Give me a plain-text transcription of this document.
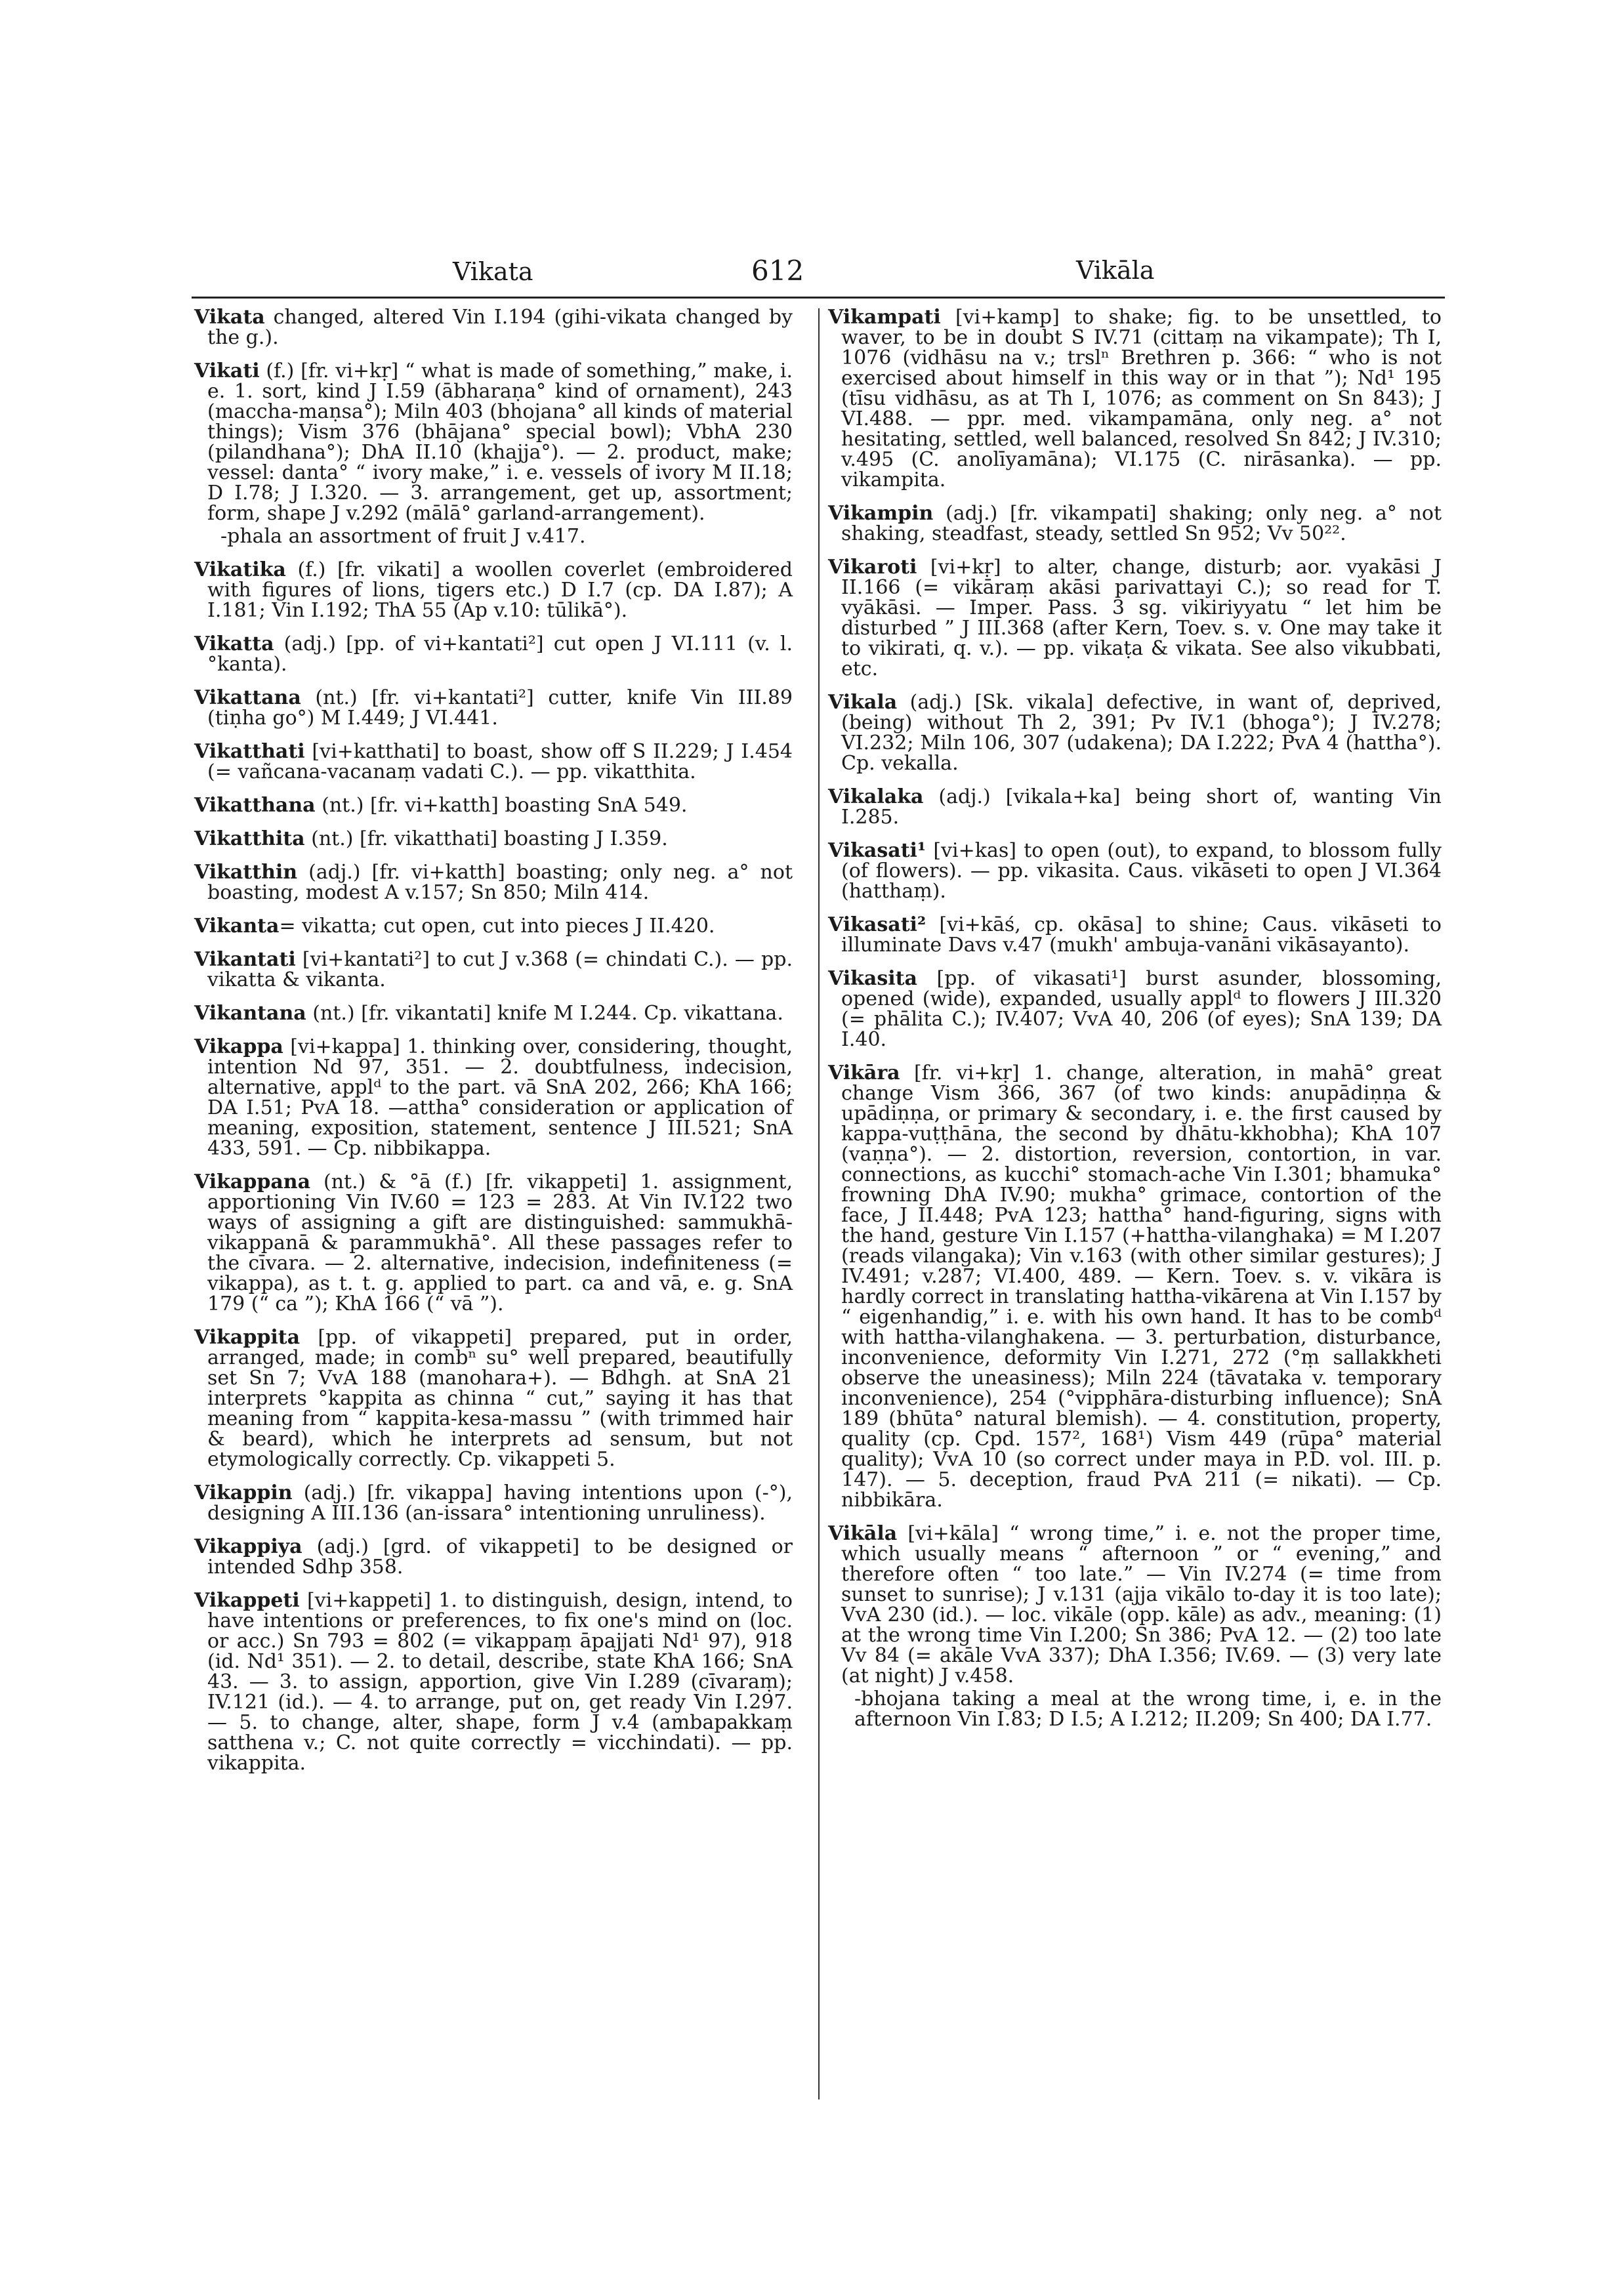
Vikata	612	Vikāla

Vikata changed, altered Vin I.194 (gihi-vikata changed by the g.).

Vikati (f.) [fr. vi+kṛ] “ what is made of something,” make, i. e. 1. sort, kind J I.59 (ābharaṇa° kind of ornament), 243 (maccha-maṇsa°); Miln 403 (bhojana° all kinds of material things); Vism 376 (bhājana° special bowl); VbhA 230 (pilandhana°); DhA II.10 (khajja°). — 2. product, make; vessel: danta° “ ivory make,” i. e. vessels of ivory M II.18; D I.78; J I.320. — 3. arrangement, get up, assortment; form, shape J v.292 (mālā° garland-arrangement).
-phala an assortment of fruit J v.417.

Vikatika (f.) [fr. vikati] a woollen coverlet (embroidered with figures of lions, tigers etc.) D I.7 (cp. DA I.87); A I.181; Vin I.192; ThA 55 (Ap v.10: tūlikā°).

Vikatta (adj.) [pp. of vi+kantati²] cut open J VI.111 (v. l. °kanta).

Vikattana (nt.) [fr. vi+kantati²] cutter, knife Vin III.89 (tiṇha go°) M I.449; J VI.441.

Vikatthati [vi+katthati] to boast, show off S II.229; J I.454 (= vañcana-vacanaṃ vadati C.). — pp. vikatthita.

Vikatthana (nt.) [fr. vi+katth] boasting SnA 549.

Vikatthita (nt.) [fr. vikatthati] boasting J I.359.

Vikatthin (adj.) [fr. vi+katth] boasting; only neg. a° not boasting, modest A v.157; Sn 850; Miln 414.

Vikanta= vikatta; cut open, cut into pieces J II.420.

Vikantati [vi+kantati²] to cut J v.368 (= chindati C.). — pp. vikatta & vikanta.

Vikantana (nt.) [fr. vikantati] knife M I.244. Cp. vikattana.

Vikappa [vi+kappa] 1. thinking over, considering, thought, intention Nd 97, 351. — 2. doubtfulness, indecision, alternative, applᵈ to the part. vā SnA 202, 266; KhA 166; DA I.51; PvA 18. —attha° consideration or application of meaning, exposition, statement, sentence J III.521; SnA 433, 591. — Cp. nibbikappa.

Vikappana (nt.) & °ā (f.) [fr. vikappeti] 1. assignment, apportioning Vin IV.60 = 123 = 283. At Vin IV.122 two ways of assigning a gift are distinguished: sammukhā-vikappanā & parammukhā°. All these passages refer to the cīvara. — 2. alternative, indecision, indefiniteness (= vikappa), as t. t. g. applied to part. ca and vā, e. g. SnA 179 (“ ca ”); KhA 166 (“ vā ”).

Vikappita [pp. of vikappeti] prepared, put in order, arranged, made; in combⁿ su° well prepared, beautifully set Sn 7; VvA 188 (manohara+). — Bdhgh. at SnA 21 interprets °kappita as chinna “ cut,” saying it has that meaning from “ kappita-kesa-massu ” (with trimmed hair & beard), which he interprets ad sensum, but not etymologically correctly. Cp. vikappeti 5.

Vikappin (adj.) [fr. vikappa] having intentions upon (-°), designing A III.136 (an-issara° intentioning unruliness).

Vikappiya (adj.) [grd. of vikappeti] to be designed or intended Sdhp 358.

Vikappeti [vi+kappeti] 1. to distinguish, design, intend, to have intentions or preferences, to fix one's mind on (loc. or acc.) Sn 793 = 802 (= vikappaṃ āpajjati Nd¹ 97), 918 (id. Nd¹ 351). — 2. to detail, describe, state KhA 166; SnA 43. — 3. to assign, apportion, give Vin I.289 (cīvaraṃ); IV.121 (id.). — 4. to arrange, put on, get ready Vin I.297. — 5. to change, alter, shape, form J v.4 (ambapakkaṃ satthena v.; C. not quite correctly = vicchindati). — pp. vikappita.

Vikampati [vi+kamp] to shake; fig. to be unsettled, to waver, to be in doubt S IV.71 (cittaṃ na vikampate); Th I, 1076 (vidhāsu na v.; trslⁿ Brethren p. 366: “ who is not exercised about himself in this way or in that ”); Nd¹ 195 (tīsu vidhāsu, as at Th I, 1076; as comment on Sn 843); J VI.488. — ppr. med. vikampamāna, only neg. a° not hesitating, settled, well balanced, resolved Sn 842; J IV.310; v.495 (C. anolīyamāna); VI.175 (C. nirāsanka). — pp. vikampita.

Vikampin (adj.) [fr. vikampati] shaking; only neg. a° not shaking, steadfast, steady, settled Sn 952; Vv 50²².

Vikaroti [vi+kṛ] to alter, change, disturb; aor. vyakāsi J II.166 (= vikāraṃ akāsi parivattayi C.); so read for T. vyākāsi. — Imper. Pass. 3 sg. vikiriyyatu “ let him be disturbed ” J III.368 (after Kern, Toev. s. v. One may take it to vikirati, q. v.). — pp. vikaṭa & vikata. See also vikubbati, etc.

Vikala (adj.) [Sk. vikala] defective, in want of, deprived, (being) without Th 2, 391; Pv IV.1 (bhoga°); J IV.278; VI.232; Miln 106, 307 (udakena); DA I.222; PvA 4 (hattha°). Cp. vekalla.

Vikalaka (adj.) [vikala+ka] being short of, wanting Vin I.285.

Vikasati¹ [vi+kas] to open (out), to expand, to blossom fully (of flowers). — pp. vikasita. Caus. vikāseti to open J VI.364 (hatthaṃ).

Vikasati² [vi+kāś, cp. okāsa] to shine; Caus. vikāseti to illuminate Davs v.47 (mukh' ambuja-vanāni vikāsayanto).

Vikasita [pp. of vikasati¹] burst asunder, blossoming, opened (wide), expanded, usually applᵈ to flowers J III.320 (= phālita C.); IV.407; VvA 40, 206 (of eyes); SnA 139; DA I.40.

Vikāra [fr. vi+kṛ] 1. change, alteration, in mahā° great change Vism 366, 367 (of two kinds: anupādiṇṇa & upādiṇṇa, or primary & secondary, i. e. the first caused by kappa-vuṭṭhāna, the second by dhātu-kkhobha); KhA 107 (vaṇṇa°). — 2. distortion, reversion, contortion, in var. connections, as kucchi° stomach-ache Vin I.301; bhamuka° frowning DhA IV.90; mukha° grimace, contortion of the face, J II.448; PvA 123; hattha° hand-figuring, signs with the hand, gesture Vin I.157 (+hattha-vilanghaka) = M I.207 (reads vilangaka); Vin v.163 (with other similar gestures); J IV.491; v.287; VI.400, 489. — Kern. Toev. s. v. vikāra is hardly correct in translating hattha-vikārena at Vin I.157 by “ eigenhandig,” i. e. with his own hand. It has to be combᵈ with hattha-vilanghakena. — 3. perturbation, disturbance, inconvenience, deformity Vin I.271, 272 (°ṃ sallakkheti observe the uneasiness); Miln 224 (tāvataka v. temporary inconvenience), 254 (°vipphāra-disturbing influence); SnA 189 (bhūta° natural blemish). — 4. constitution, property, quality (cp. Cpd. 157², 168¹) Vism 449 (rūpa° material quality); VvA 10 (so correct under maya in P.D. vol. III. p. 147). — 5. deception, fraud PvA 211 (= nikati). — Cp. nibbikāra.

Vikāla [vi+kāla] “ wrong time,” i. e. not the proper time, which usually means “ afternoon ” or “ evening,” and therefore often “ too late.” — Vin IV.274 (= time from sunset to sunrise); J v.131 (ajja vikālo to-day it is too late); VvA 230 (id.). — loc. vikāle (opp. kāle) as adv., meaning: (1) at the wrong time Vin I.200; Sn 386; PvA 12. — (2) too late Vv 84 (= akāle VvA 337); DhA I.356; IV.69. — (3) very late (at night) J v.458.
-bhojana taking a meal at the wrong time, i, e. in the afternoon Vin I.83; D I.5; A I.212; II.209; Sn 400; DA I.77.
